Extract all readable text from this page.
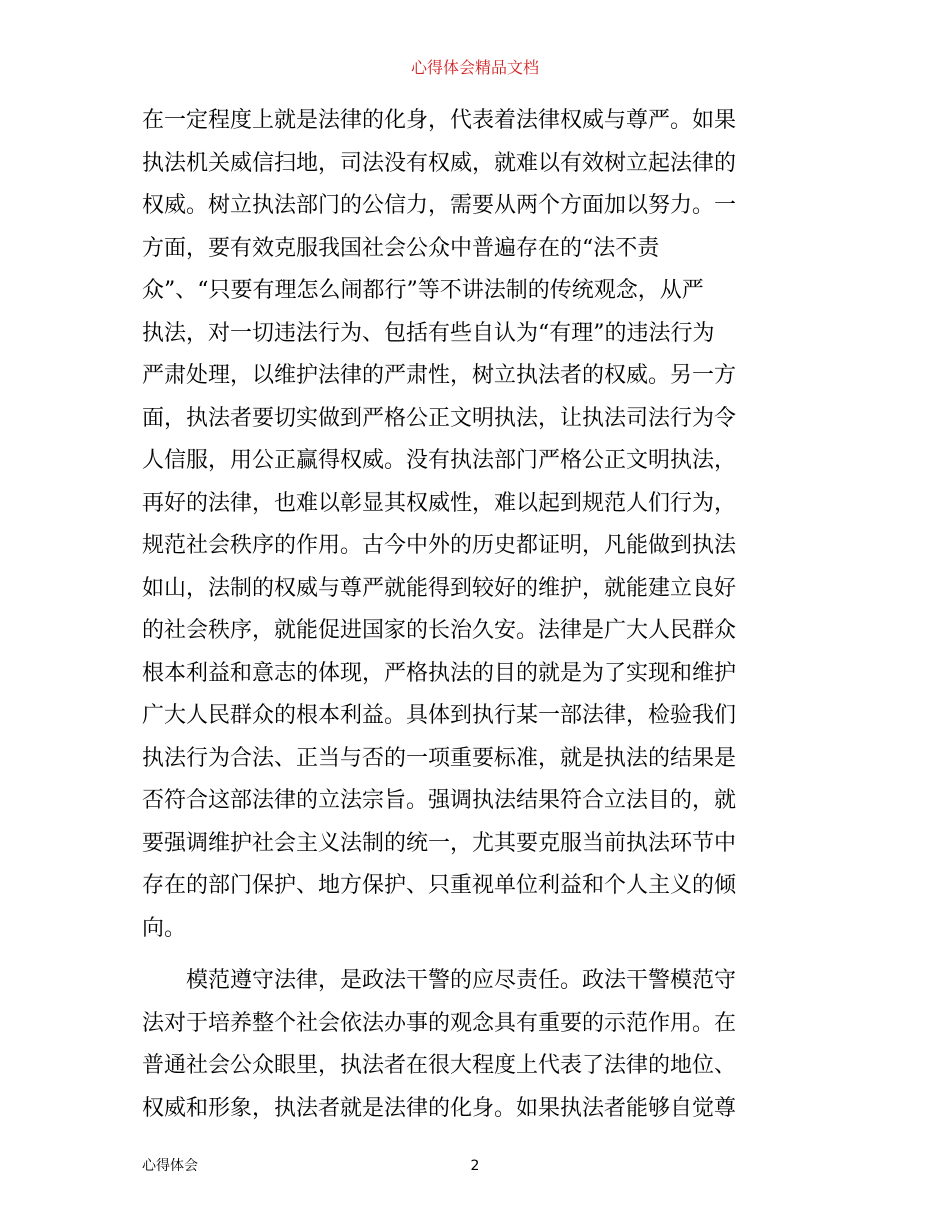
心得体会精品文档
在一定程度上就是法律的化身，代表着法律权威与尊严。如果
执法机关威信扫地，司法没有权威，就难以有效树立起法律的
权威。树立执法部门的公信力，需要从两个方面加以努力。一
方面，要有效克服我国社会公众中普遍存在的“法不责
众”、“只要有理怎么闹都行”等不讲法制的传统观念，从严
执法，对一切违法行为、包括有些自认为“有理”的违法行为
严肃处理，以维护法律的严肃性，树立执法者的权威。另一方
面，执法者要切实做到严格公正文明执法，让执法司法行为令
人信服，用公正赢得权威。没有执法部门严格公正文明执法，
再好的法律，也难以彰显其权威性，难以起到规范人们行为，
规范社会秩序的作用。古今中外的历史都证明，凡能做到执法
如山，法制的权威与尊严就能得到较好的维护，就能建立良好
的社会秩序，就能促进国家的长治久安。法律是广大人民群众
根本利益和意志的体现，严格执法的目的就是为了实现和维护
广大人民群众的根本利益。具体到执行某一部法律，检验我们
执法行为合法、正当与否的一项重要标准，就是执法的结果是
否符合这部法律的立法宗旨。强调执法结果符合立法目的，就
要强调维护社会主义法制的统一，尤其要克服当前执法环节中
存在的部门保护、地方保护、只重视单位利益和个人主义的倾
向。
模范遵守法律，是政法干警的应尽责任。政法干警模范守
法对于培养整个社会依法办事的观念具有重要的示范作用。在
普通社会公众眼里，执法者在很大程度上代表了法律的地位、
权威和形象，执法者就是法律的化身。如果执法者能够自觉尊
心得体会	2
